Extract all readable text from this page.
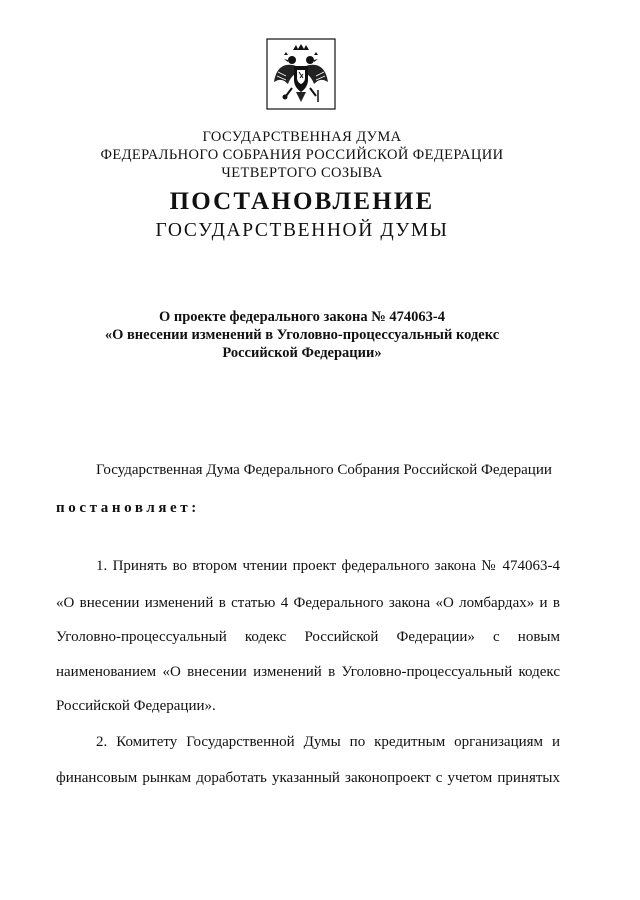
ГОСУДАРСТВЕННАЯ ДУМА
ФЕДЕРАЛЬНОГО СОБРАНИЯ РОССИЙСКОЙ ФЕДЕРАЦИИ
ЧЕТВЕРТОГО СОЗЫВА
ПОСТАНОВЛЕНИЕ
ГОСУДАРСТВЕННОЙ ДУМЫ
О проекте федерального закона № 474063-4
«О внесении изменений в Уголовно-процессуальный кодекс
Российской Федерации»
Государственная Дума Федерального Собрания Российской Федерации
постановляет:
1. Принять во втором чтении проект федерального закона № 474063-4
«О внесении изменений в статью 4 Федерального закона «О ломбардах» и в
Уголовно-процессуальный кодекс Российской Федерации» с новым
наименованием «О внесении изменений в Уголовно-процессуальный кодекс
Российской Федерации».
2. Комитету Государственной Думы по кредитным организациям и
финансовым рынкам доработать указанный законопроект с учетом принятых
